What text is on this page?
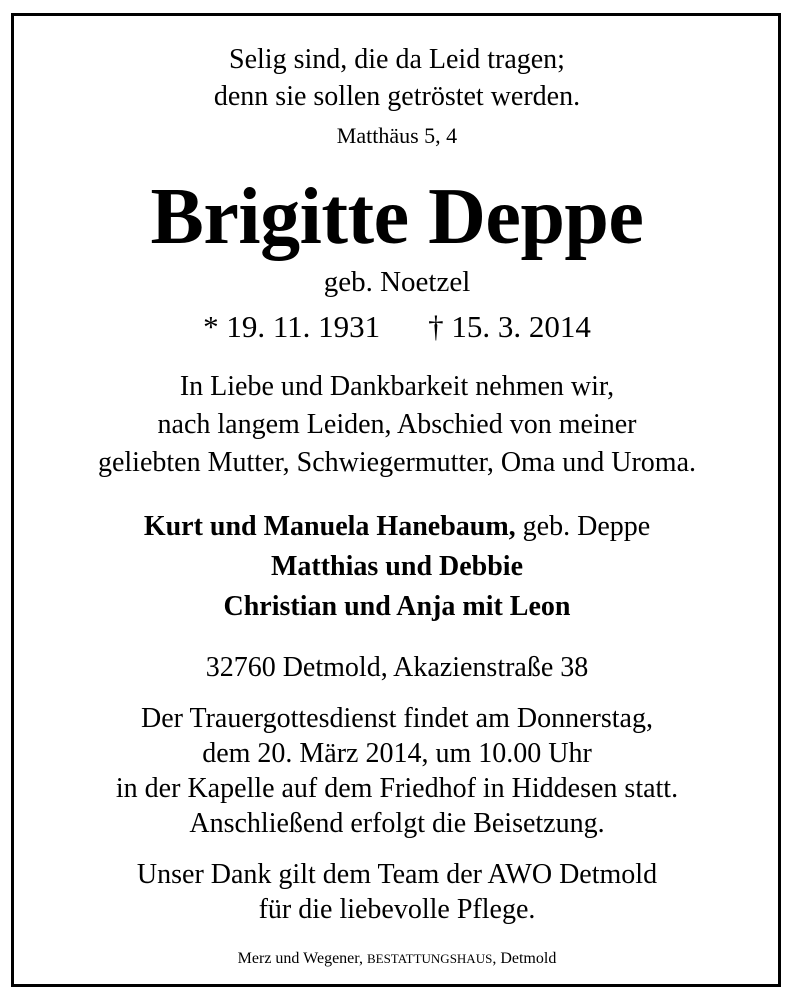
Selig sind, die da Leid tragen;
denn sie sollen getröstet werden.
Matthäus 5, 4
Brigitte Deppe
geb. Noetzel
* 19. 11. 1931 † 15. 3. 2014
In Liebe und Dankbarkeit nehmen wir,
nach langem Leiden, Abschied von meiner
geliebten Mutter, Schwiegermutter, Oma und Uroma.
Kurt und Manuela Hanebaum, geb. Deppe
Matthias und Debbie
Christian und Anja mit Leon
32760 Detmold, Akazienstraße 38
Der Trauergottesdienst findet am Donnerstag,
dem 20. März 2014, um 10.00 Uhr
in der Kapelle auf dem Friedhof in Hiddesen statt.
Anschließend erfolgt die Beisetzung.
Unser Dank gilt dem Team der AWO Detmold
für die liebevolle Pflege.
Merz und Wegener, BESTATTUNGSHAUS, Detmold
